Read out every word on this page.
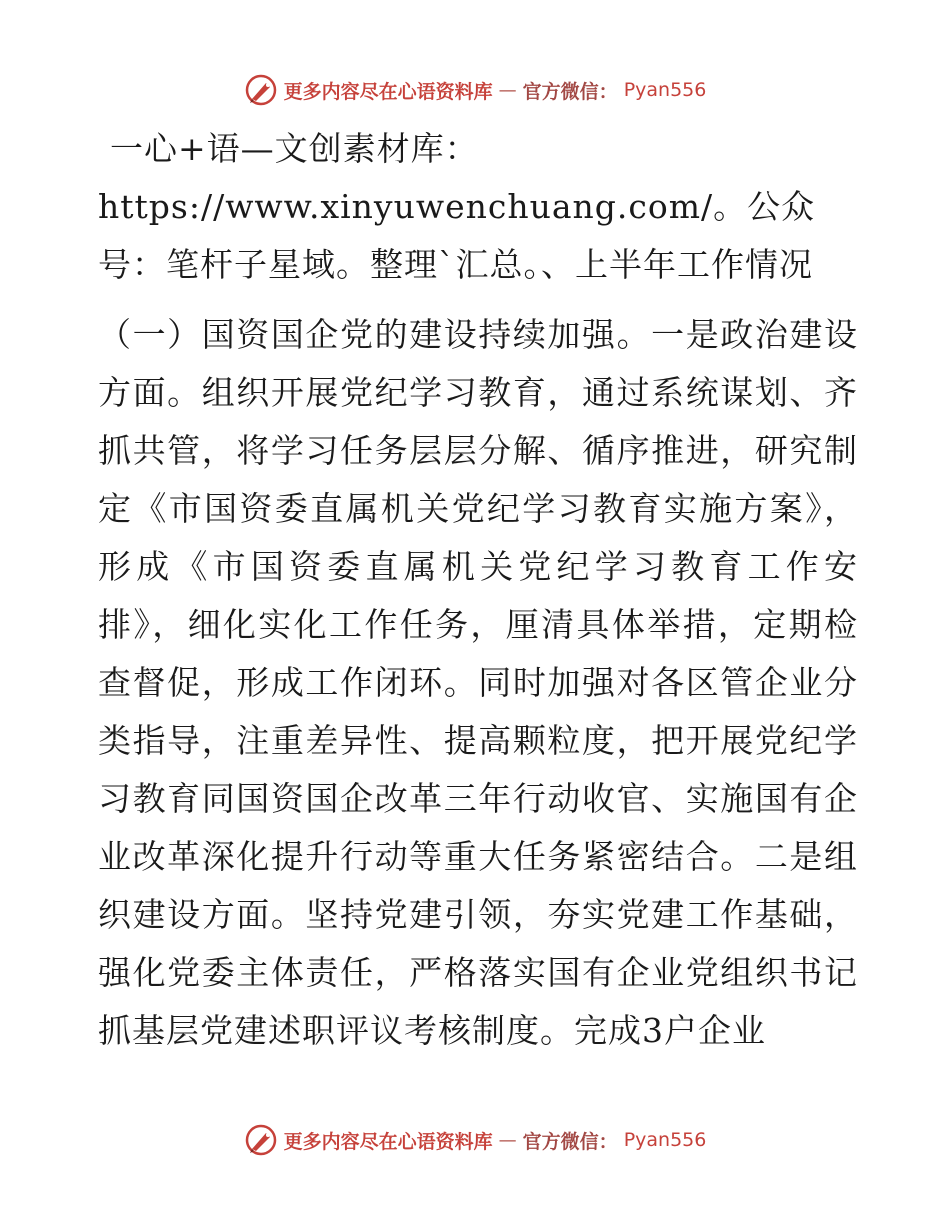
更多内容尽在心语资料库 — 官方微信： Pyan556

一心+语—文创素材库：https://www.xinyuwenchuang.com/。公众号：笔杆子星域。整理`汇总。、上半年工作情况

（一）国资国企党的建设持续加强。一是政治建设方面。组织开展党纪学习教育，通过系统谋划、齐抓共管，将学习任务层层分解、循序推进，研究制定《市国资委直属机关党纪学习教育实施方案》，形成《市国资委直属机关党纪学习教育工作安排》，细化实化工作任务，厘清具体举措，定期检查督促，形成工作闭环。同时加强对各区管企业分类指导，注重差异性、提高颗粒度，把开展党纪学习教育同国资国企改革三年行动收官、实施国有企业改革深化提升行动等重大任务紧密结合。二是组织建设方面。坚持党建引领，夯实党建工作基础，强化党委主体责任，严格落实国有企业党组织书记抓基层党建述职评议考核制度。完成3户企业

更多内容尽在心语资料库 — 官方微信： Pyan556
